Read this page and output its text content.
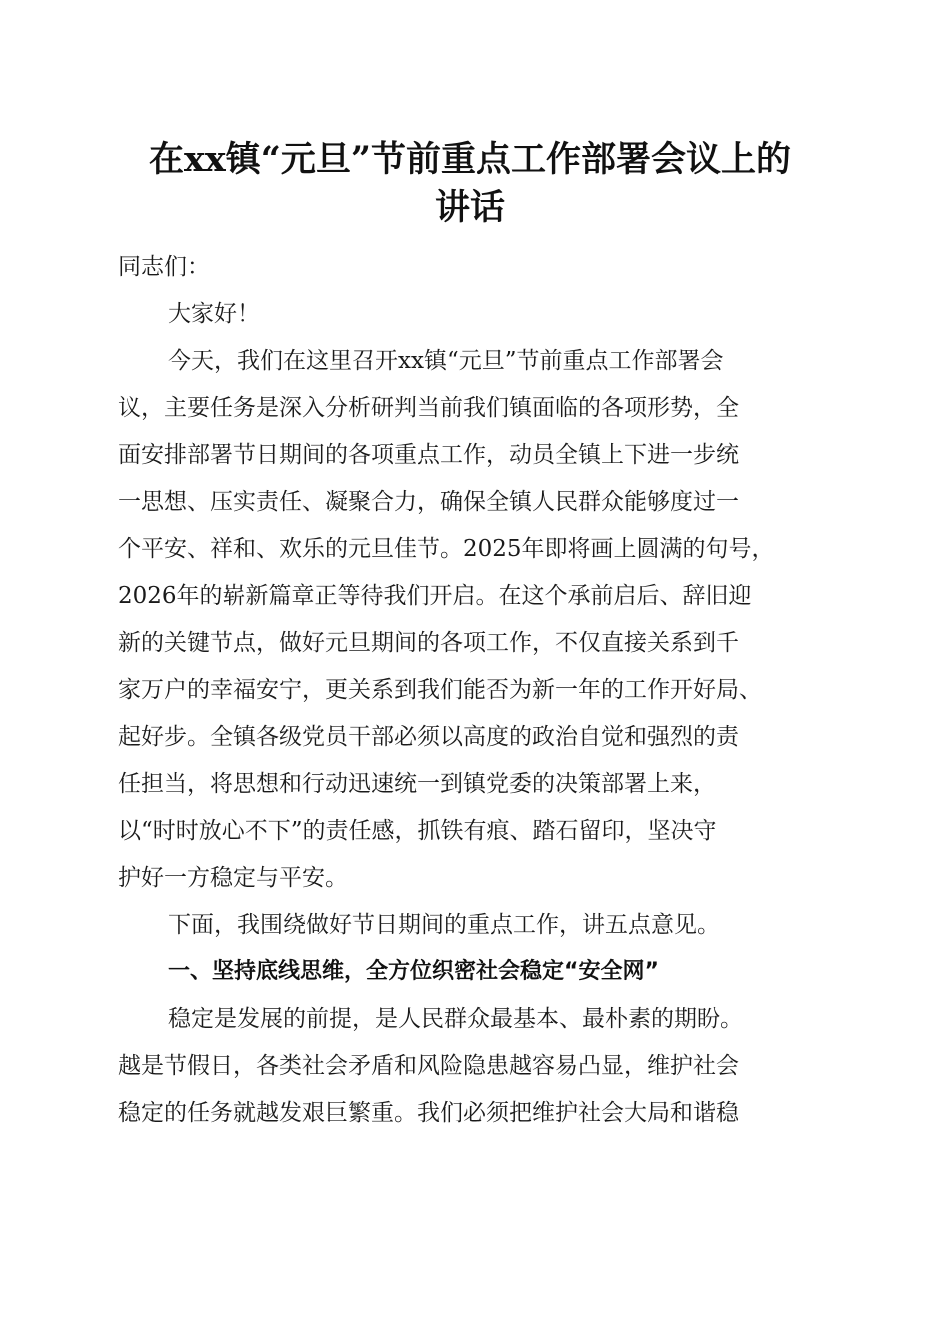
在xx镇“元旦”节前重点工作部署会议上的
讲话
同志们：
大家好！
今天，我们在这里召开xx镇“元旦”节前重点工作部署会
议，主要任务是深入分析研判当前我们镇面临的各项形势，全
面安排部署节日期间的各项重点工作，动员全镇上下进一步统
一思想、压实责任、凝聚合力，确保全镇人民群众能够度过一
个平安、祥和、欢乐的元旦佳节。2025年即将画上圆满的句号，
2026年的崭新篇章正等待我们开启。在这个承前启后、辞旧迎
新的关键节点，做好元旦期间的各项工作，不仅直接关系到千
家万户的幸福安宁，更关系到我们能否为新一年的工作开好局、
起好步。全镇各级党员干部必须以高度的政治自觉和强烈的责
任担当，将思想和行动迅速统一到镇党委的决策部署上来，
以“时时放心不下”的责任感，抓铁有痕、踏石留印，坚决守
护好一方稳定与平安。
下面，我围绕做好节日期间的重点工作，讲五点意见。
一、坚持底线思维，全方位织密社会稳定“安全网”
稳定是发展的前提，是人民群众最基本、最朴素的期盼。
越是节假日，各类社会矛盾和风险隐患越容易凸显，维护社会
稳定的任务就越发艰巨繁重。我们必须把维护社会大局和谐稳
